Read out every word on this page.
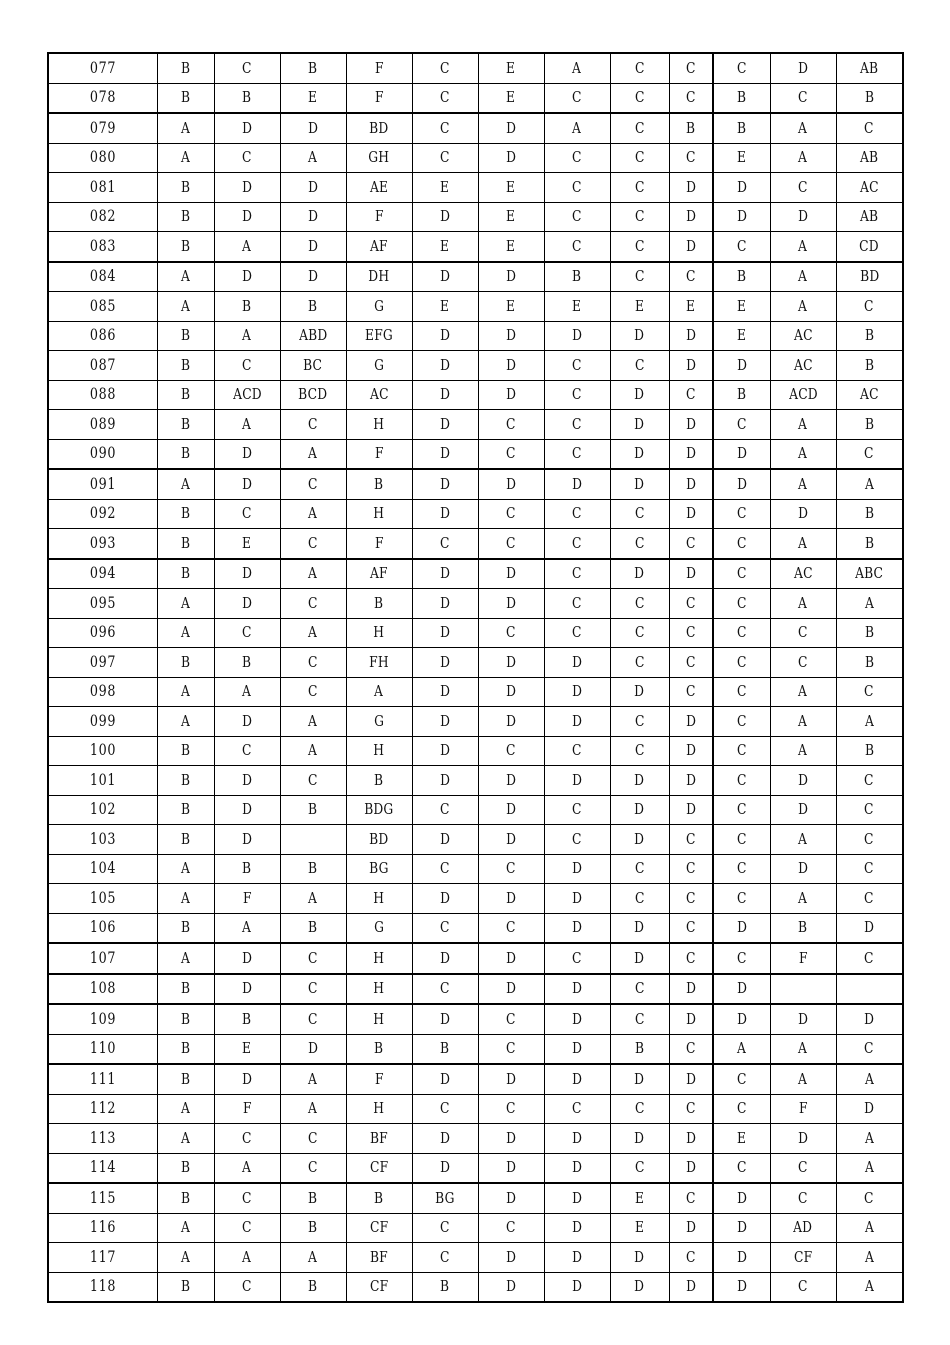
077	B	C	B	F	C	E	A	C	C	C	D	AB
078	B	B	E	F	C	E	C	C	C	B	C	B
079	A	D	D	BD	C	D	A	C	B	B	A	C
080	A	C	A	GH	C	D	C	C	C	E	A	AB
081	B	D	D	AE	E	E	C	C	D	D	C	AC
082	B	D	D	F	D	E	C	C	D	D	D	AB
083	B	A	D	AF	E	E	C	C	D	C	A	CD
084	A	D	D	DH	D	D	B	C	C	B	A	BD
085	A	B	B	G	E	E	E	E	E	E	A	C
086	B	A	ABD	EFG	D	D	D	D	D	E	AC	B
087	B	C	BC	G	D	D	C	C	D	D	AC	B
088	B	ACD	BCD	AC	D	D	C	D	C	B	ACD	AC
089	B	A	C	H	D	C	C	D	D	C	A	B
090	B	D	A	F	D	C	C	D	D	D	A	C
091	A	D	C	B	D	D	D	D	D	D	A	A
092	B	C	A	H	D	C	C	C	D	C	D	B
093	B	E	C	F	C	C	C	C	C	C	A	B
094	B	D	A	AF	D	D	C	D	D	C	AC	ABC
095	A	D	C	B	D	D	C	C	C	C	A	A
096	A	C	A	H	D	C	C	C	C	C	C	B
097	B	B	C	FH	D	D	D	C	C	C	C	B
098	A	A	C	A	D	D	D	D	C	C	A	C
099	A	D	A	G	D	D	D	C	D	C	A	A
100	B	C	A	H	D	C	C	C	D	C	A	B
101	B	D	C	B	D	D	D	D	D	C	D	C
102	B	D	B	BDG	C	D	C	D	D	C	D	C
103	B	D		BD	D	D	C	D	C	C	A	C
104	A	B	B	BG	C	C	D	C	C	C	D	C
105	A	F	A	H	D	D	D	C	C	C	A	C
106	B	A	B	G	C	C	D	D	C	D	B	D
107	A	D	C	H	D	D	C	D	C	C	F	C
108	B	D	C	H	C	D	D	C	D	D		
109	B	B	C	H	D	C	D	C	D	D	D	D
110	B	E	D	B	B	C	D	B	C	A	A	C
111	B	D	A	F	D	D	D	D	D	C	A	A
112	A	F	A	H	C	C	C	C	C	C	F	D
113	A	C	C	BF	D	D	D	D	D	E	D	A
114	B	A	C	CF	D	D	D	C	D	C	C	A
115	B	C	B	B	BG	D	D	E	C	D	C	C
116	A	C	B	CF	C	C	D	E	D	D	AD	A
117	A	A	A	BF	C	D	D	D	C	D	CF	A
118	B	C	B	CF	B	D	D	D	D	D	C	A
